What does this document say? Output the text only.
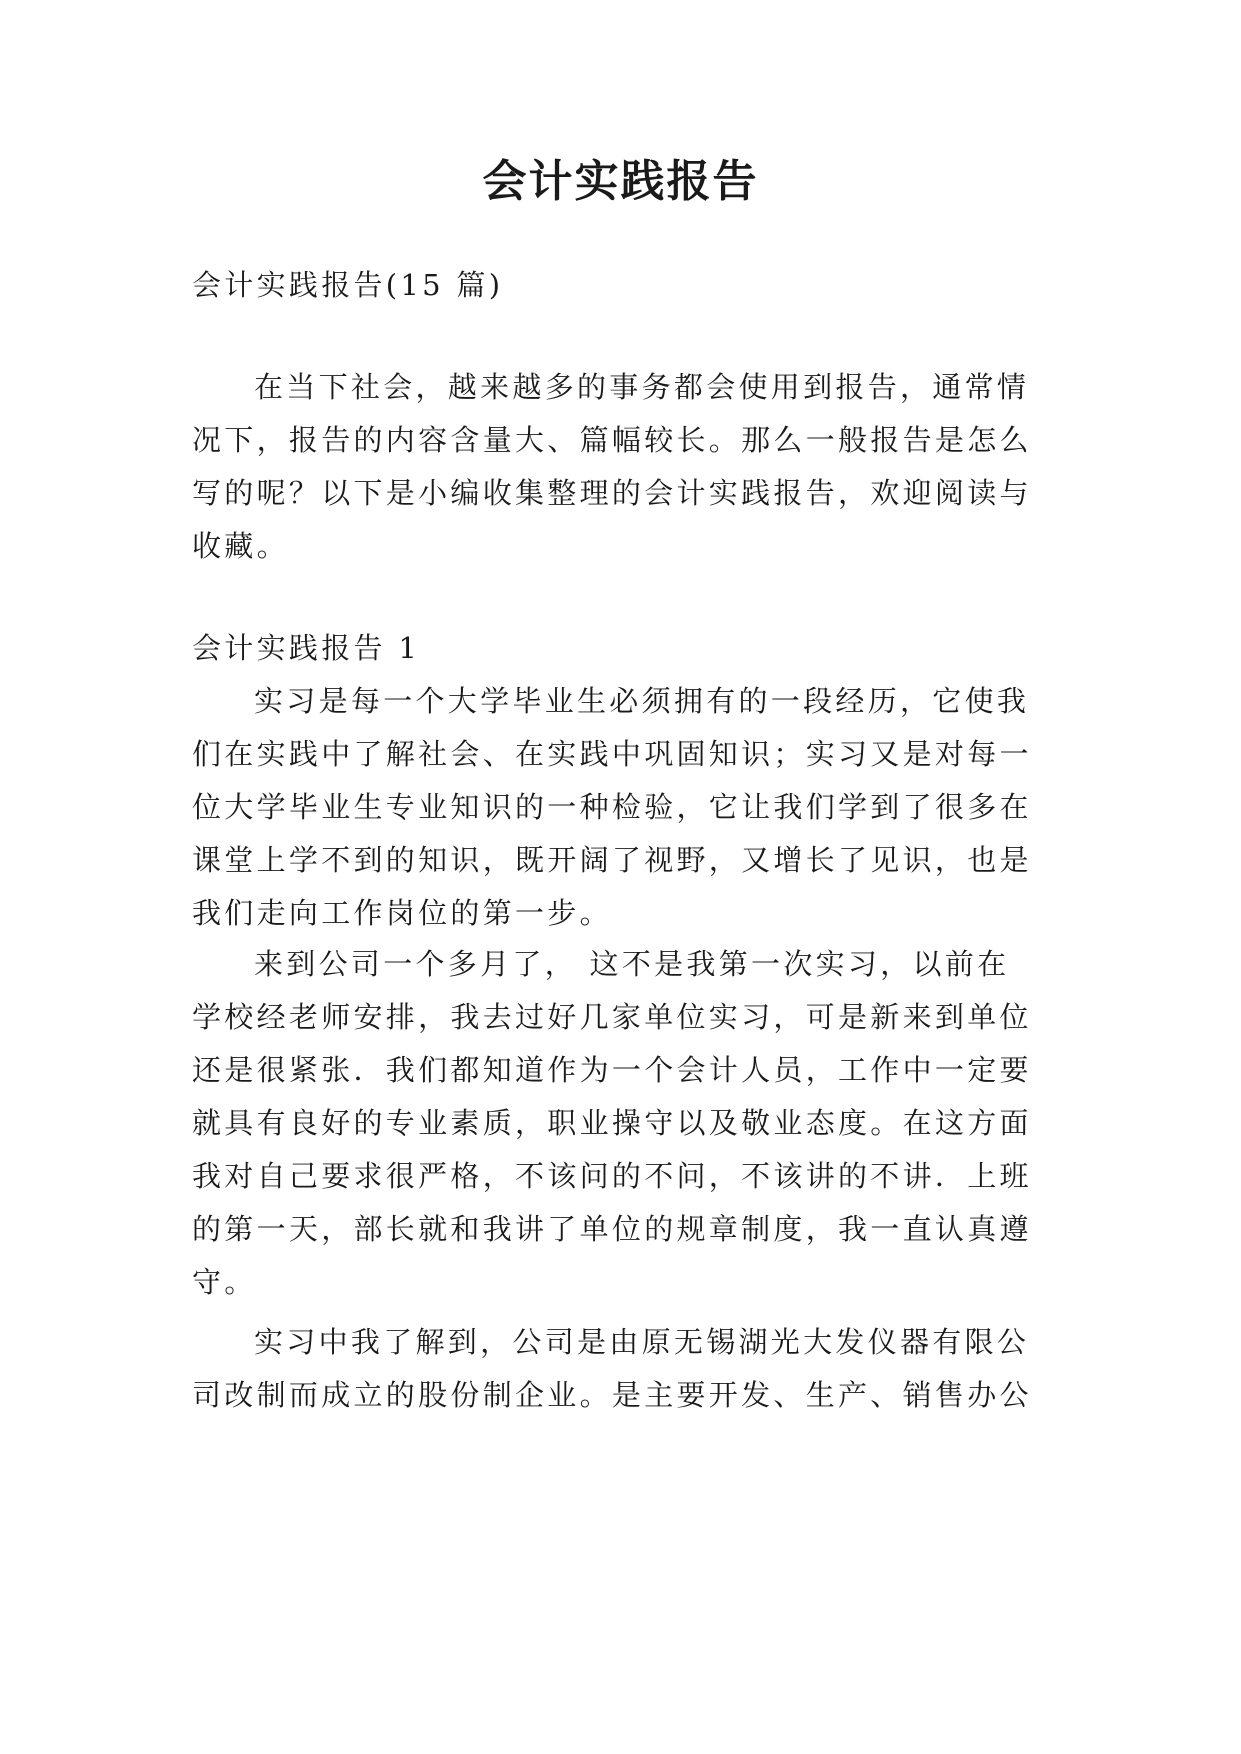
会计实践报告

会计实践报告(15 篇)

在当下社会，越来越多的事务都会使用到报告，通常情

况下，报告的内容含量大、篇幅较长。那么一般报告是怎么

写的呢？以下是小编收集整理的会计实践报告，欢迎阅读与

收藏。

会计实践报告 1

实习是每一个大学毕业生必须拥有的一段经历，它使我

们在实践中了解社会、在实践中巩固知识；实习又是对每一

位大学毕业生专业知识的一种检验，它让我们学到了很多在

课堂上学不到的知识，既开阔了视野，又增长了见识，也是

我们走向工作岗位的第一步。

来到公司一个多月了， 这不是我第一次实习，以前在

学校经老师安排，我去过好几家单位实习，可是新来到单位

还是很紧张．我们都知道作为一个会计人员，工作中一定要

就具有良好的专业素质，职业操守以及敬业态度。在这方面

我对自己要求很严格，不该问的不问，不该讲的不讲．上班

的第一天，部长就和我讲了单位的规章制度，我一直认真遵

守。

实习中我了解到，公司是由原无锡湖光大发仪器有限公

司改制而成立的股份制企业。是主要开发、生产、销售办公
